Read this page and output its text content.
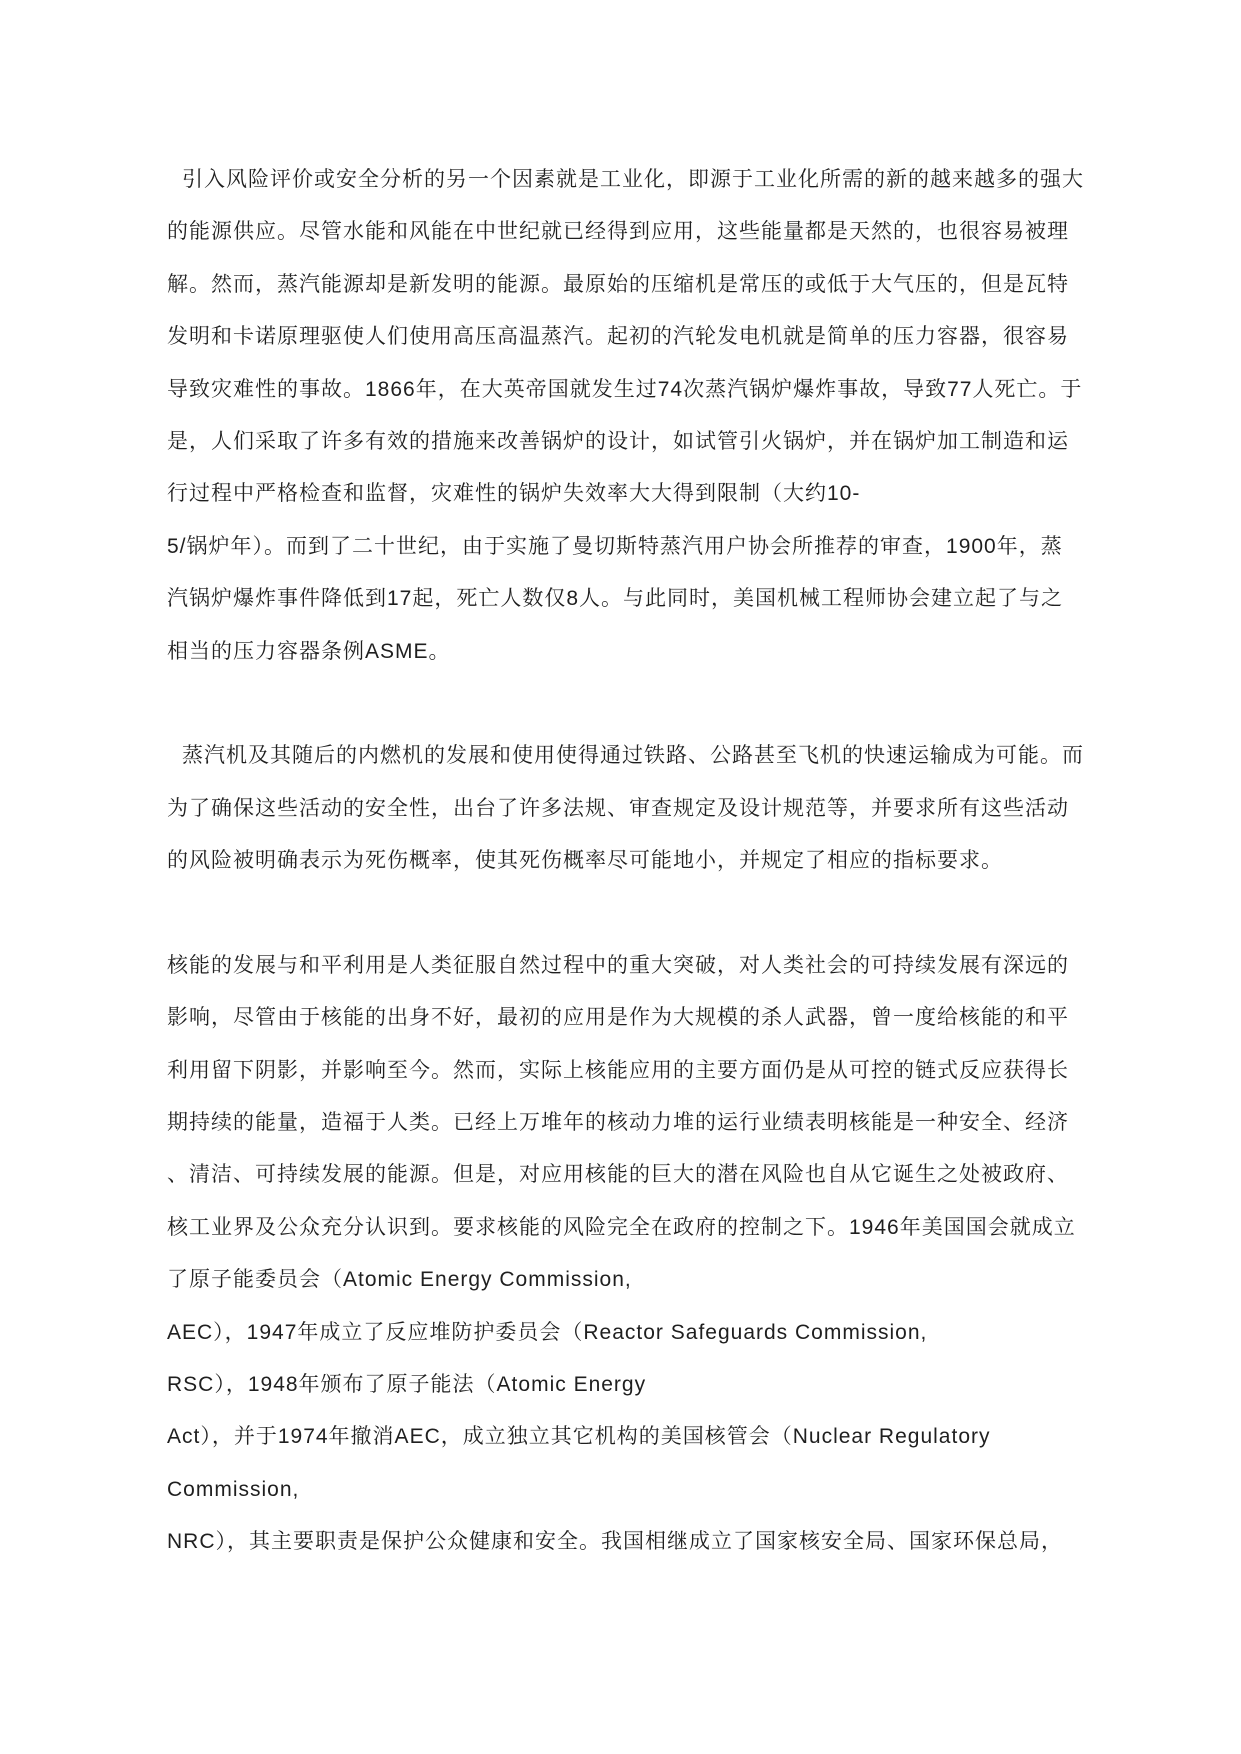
引入风险评价或安全分析的另一个因素就是工业化，即源于工业化所需的新的越来越多的强大

的能源供应。尽管水能和风能在中世纪就已经得到应用，这些能量都是天然的，也很容易被理

解。然而，蒸汽能源却是新发明的能源。最原始的压缩机是常压的或低于大气压的，但是瓦特

发明和卡诺原理驱使人们使用高压高温蒸汽。起初的汽轮发电机就是简单的压力容器，很容易

导致灾难性的事故。1866年，在大英帝国就发生过74次蒸汽锅炉爆炸事故，导致77人死亡。于

是，人们采取了许多有效的措施来改善锅炉的设计，如试管引火锅炉，并在锅炉加工制造和运

行过程中严格检查和监督，灾难性的锅炉失效率大大得到限制（大约10-

5/锅炉年）。而到了二十世纪，由于实施了曼切斯特蒸汽用户协会所推荐的审查，1900年，蒸

汽锅炉爆炸事件降低到17起，死亡人数仅8人。与此同时，美国机械工程师协会建立起了与之

相当的压力容器条例ASME。

蒸汽机及其随后的内燃机的发展和使用使得通过铁路、公路甚至飞机的快速运输成为可能。而

为了确保这些活动的安全性，出台了许多法规、审查规定及设计规范等，并要求所有这些活动

的风险被明确表示为死伤概率，使其死伤概率尽可能地小，并规定了相应的指标要求。

核能的发展与和平利用是人类征服自然过程中的重大突破，对人类社会的可持续发展有深远的

影响，尽管由于核能的出身不好，最初的应用是作为大规模的杀人武器，曾一度给核能的和平

利用留下阴影，并影响至今。然而，实际上核能应用的主要方面仍是从可控的链式反应获得长

期持续的能量，造福于人类。已经上万堆年的核动力堆的运行业绩表明核能是一种安全、经济

、清洁、可持续发展的能源。但是，对应用核能的巨大的潜在风险也自从它诞生之处被政府、

核工业界及公众充分认识到。要求核能的风险完全在政府的控制之下。1946年美国国会就成立

了原子能委员会（Atomic Energy Commission,

AEC），1947年成立了反应堆防护委员会（Reactor Safeguards Commission,

RSC），1948年颁布了原子能法（Atomic Energy

Act），并于1974年撤消AEC，成立独立其它机构的美国核管会（Nuclear Regulatory

Commission,

NRC），其主要职责是保护公众健康和安全。我国相继成立了国家核安全局、国家环保总局，
